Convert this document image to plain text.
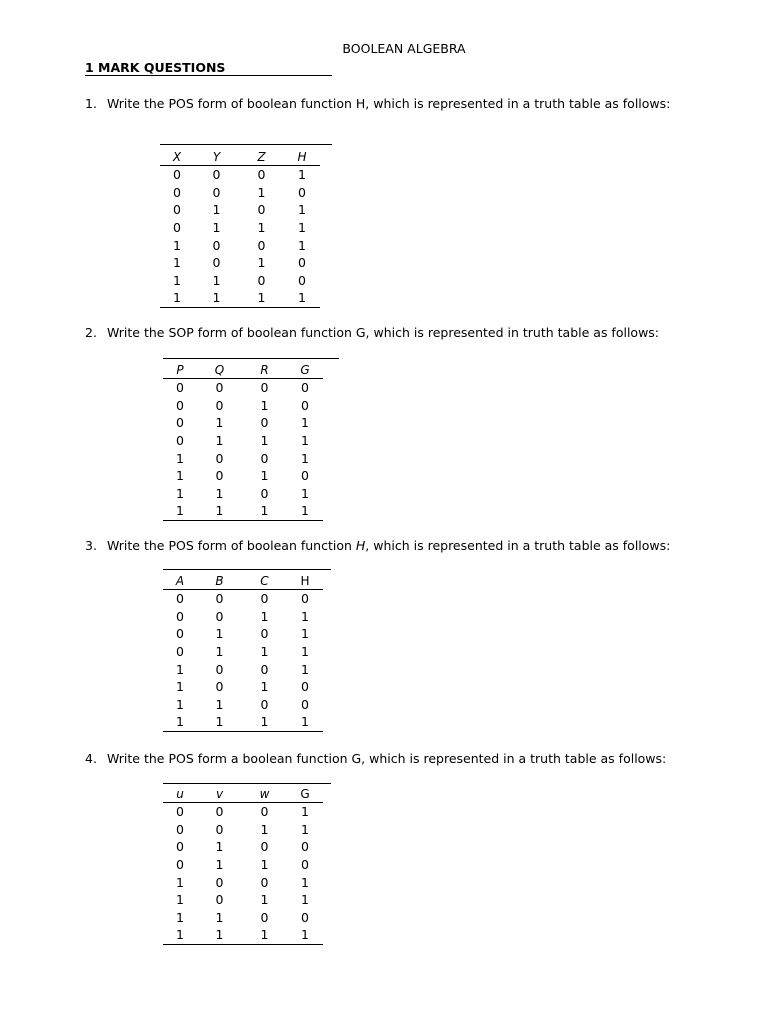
BOOLEAN ALGEBRA
1 MARK QUESTIONS
1. Write the POS form of boolean function H, which is represented in a truth table as follows:
X	Y	Z	H
0	0	0	1
0	0	1	0
0	1	0	1
0	1	1	1
1	0	0	1
1	0	1	0
1	1	0	0
1	1	1	1
2. Write the SOP form of boolean function G, which is represented in truth table as follows:
P	Q	R	G
0	0	0	0
0	0	1	0
0	1	0	1
0	1	1	1
1	0	0	1
1	0	1	0
1	1	0	1
1	1	1	1
3. Write the POS form of boolean function H, which is represented in a truth table as follows:
A	B	C	H
0	0	0	0
0	0	1	1
0	1	0	1
0	1	1	1
1	0	0	1
1	0	1	0
1	1	0	0
1	1	1	1
4. Write the POS form a boolean function G, which is represented in a truth table as follows:
u	v	w	G
0	0	0	1
0	0	1	1
0	1	0	0
0	1	1	0
1	0	0	1
1	0	1	1
1	1	0	0
1	1	1	1
